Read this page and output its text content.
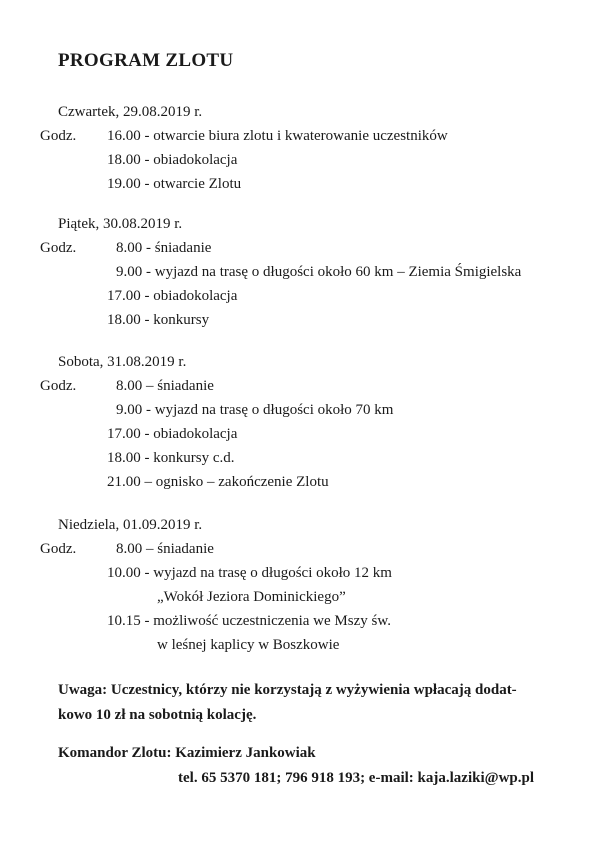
PROGRAM ZLOTU
Czwartek, 29.08.2019 r.
Godz. 16.00 - otwarcie biura zlotu i kwaterowanie uczestników
18.00 - obiadokolacja
19.00 - otwarcie Zlotu
Piątek, 30.08.2019 r.
Godz.	8.00 - śniadanie
9.00 - wyjazd na trasę o długości około 60 km – Ziemia Śmigielska
17.00 - obiadokolacja
18.00 - konkursy
Sobota, 31.08.2019 r.
Godz.	8.00 – śniadanie
9.00 - wyjazd na trasę o długości około 70 km
17.00 - obiadokolacja
18.00 - konkursy c.d.
21.00 – ognisko – zakończenie Zlotu
Niedziela, 01.09.2019 r.
Godz.	8.00 – śniadanie
10.00 - wyjazd na trasę o długości około 12 km
„Wokół Jeziora Dominickiego”
10.15 - możliwość uczestniczenia we Mszy św.
w leśnej kaplicy w Boszkowie
Uwaga: Uczestnicy, którzy nie korzystają z wyżywienia wpłacają dodat-
kowo 10 zł na sobotnią kolację.
Komandor Zlotu: Kazimierz Jankowiak
tel. 65 5370 181; 796 918 193; e-mail: kaja.laziki@wp.pl
